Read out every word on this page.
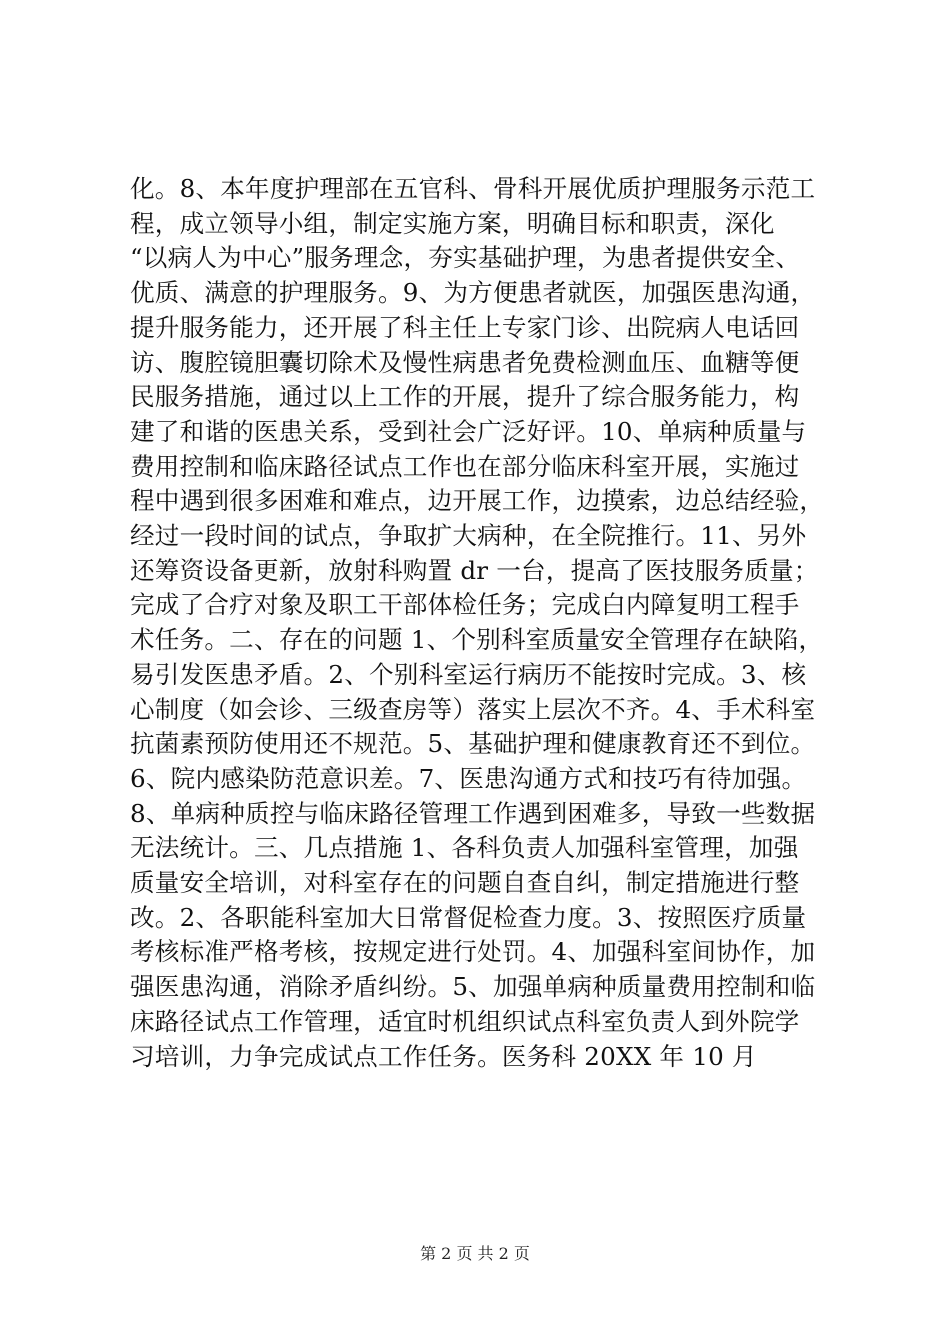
化。8、本年度护理部在五官科、骨科开展优质护理服务示范工
程，成立领导小组，制定实施方案，明确目标和职责，深化
“以病人为中心”服务理念，夯实基础护理，为患者提供安全、
优质、满意的护理服务。9、为方便患者就医，加强医患沟通，
提升服务能力，还开展了科主任上专家门诊、出院病人电话回
访、腹腔镜胆囊切除术及慢性病患者免费检测血压、血糖等便
民服务措施，通过以上工作的开展，提升了综合服务能力，构
建了和谐的医患关系，受到社会广泛好评。10、单病种质量与
费用控制和临床路径试点工作也在部分临床科室开展，实施过
程中遇到很多困难和难点，边开展工作，边摸索，边总结经验，
经过一段时间的试点，争取扩大病种，在全院推行。11、另外
还筹资设备更新，放射科购置 dr 一台，提高了医技服务质量；
完成了合疗对象及职工干部体检任务；完成白内障复明工程手
术任务。二、存在的问题 1、个别科室质量安全管理存在缺陷，
易引发医患矛盾。2、个别科室运行病历不能按时完成。3、核
心制度（如会诊、三级查房等）落实上层次不齐。4、手术科室
抗菌素预防使用还不规范。5、基础护理和健康教育还不到位。
6、院内感染防范意识差。7、医患沟通方式和技巧有待加强。
8、单病种质控与临床路径管理工作遇到困难多，导致一些数据
无法统计。三、几点措施 1、各科负责人加强科室管理，加强
质量安全培训，对科室存在的问题自查自纠，制定措施进行整
改。2、各职能科室加大日常督促检查力度。3、按照医疗质量
考核标准严格考核，按规定进行处罚。4、加强科室间协作，加
强医患沟通，消除矛盾纠纷。5、加强单病种质量费用控制和临
床路径试点工作管理，适宜时机组织试点科室负责人到外院学
习培训，力争完成试点工作任务。医务科 20XX 年 10 月
第 2 页 共 2 页
